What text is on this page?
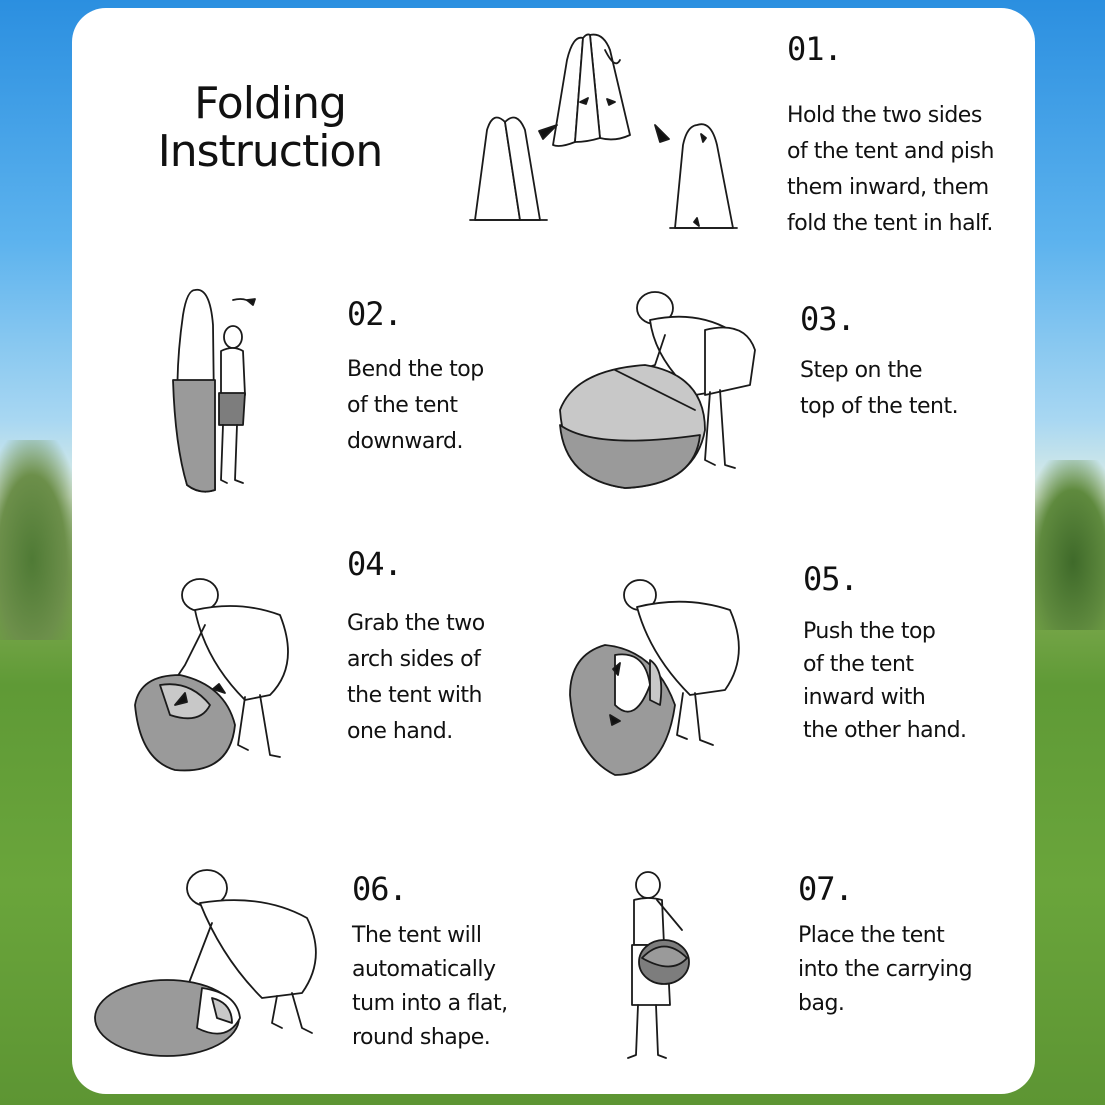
Folding
Instruction
01.
Hold the two sides
of the tent and pish
them inward, them
fold the tent in half.
02.
Bend the top
of the tent
downward.
03.
Step on the
top of the tent.
04.
Grab the two
arch sides of
the tent with
one hand.
05.
Push the top
of the tent
inward with
the other hand.
06.
The tent will
automatically
tum into a flat,
round shape.
07.
Place the tent
into the carrying
bag.
